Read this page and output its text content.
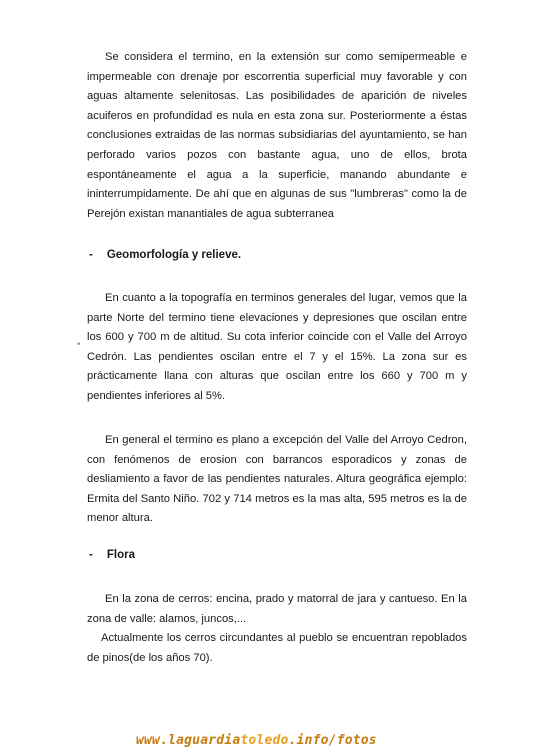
Se considera el termino, en la extensión sur como semipermeable e
impermeable con drenaje por escorrentia superficial muy favorable y con
aguas altamente selenitosas. Las posibilidades de aparición de niveles
acuiferos en profundidad es nula en esta zona sur. Posteriormente a éstas
conclusiones extraidas de las normas subsidiarias del ayuntamiento, se han
perforado varios pozos con bastante agua, uno de ellos, brota
espontáneamente el agua a la superficie, manando abundante e
ininterrumpidamente. De ahí que en algunas de sus "lumbreras" como la de
Perejón existan manantiales de agua subterranea
- Geomorfología y relieve.
En cuanto a la topografía en terminos generales del lugar, vemos que la
parte Norte del termino tiene elevaciones y depresiones que oscilan entre
los 600 y 700 m de altitud. Su cota inferior coincide con el Valle del Arroyo
Cedrón. Las pendientes oscilan entre el 7 y el 15%. La zona sur es
prácticamente llana con alturas que oscilan entre los 660 y 700 m y
pendientes inferiores al 5%.
•
En general el termino es plano a excepción del Valle del Arroyo Cedron,
con fenómenos de erosion con barrancos esporadicos y zonas de
desliamiento a favor de las pendientes naturales. Altura geográfica ejemplo:
Ermita del Santo Niño. 702 y 714 metros es la mas alta, 595 metros es la de
menor altura.
- Flora
En la zona de cerros: encina, prado y matorral de jara y cantueso. En la
zona de valle: alamos, juncos,...
Actualmente los cerros circundantes al pueblo se encuentran repoblados
de pinos(de los años 70).
www.laguardiatoledo.info/fotos
